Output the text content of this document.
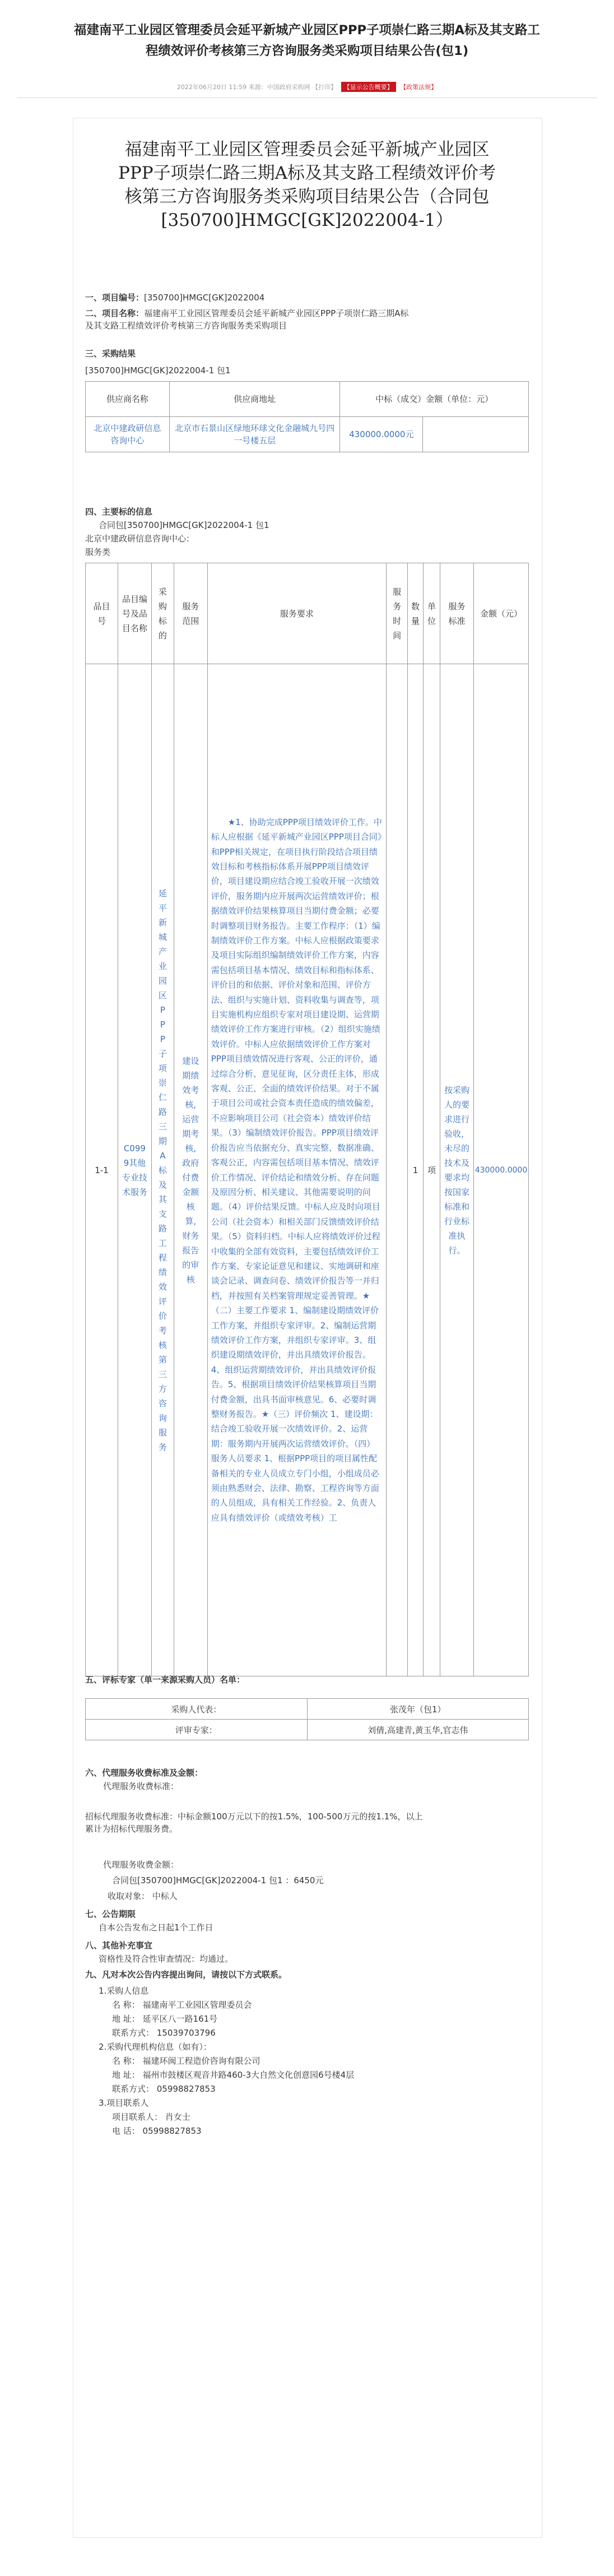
福建南平工业园区管理委员会延平新城产业园区PPP子项崇仁路三期A标及其支路工
程绩效评价考核第三方咨询服务类采购项目结果公告(包1)
2022年06月20日 11:59 来源：中国政府采购网 【打印】 【显示公告概要】 【政策法规】
福建南平工业园区管理委员会延平新城产业园区
PPP子项崇仁路三期A标及其支路工程绩效评价考
核第三方咨询服务类采购项目结果公告（合同包
[350700]HMGC[GK]2022004-1）
一、项目编号：[350700]HMGC[GK]2022004
二、项目名称：福建南平工业园区管理委员会延平新城产业园区PPP子项崇仁路三期A标
及其支路工程绩效评价考核第三方咨询服务类采购项目
三、采购结果
[350700]HMGC[GK]2022004-1 包1
供应商名称	供应商地址	中标（成交）金额（单位：元）	
北京中建政研信息咨询中心	北京市石景山区绿地环球文化金融城九号四一号楼五层	430000.0000元	
四、主要标的信息
合同包[350700]HMGC[GK]2022004-1 包1
北京中建政研信息咨询中心：
服务类
品目号	品目编号及品目名称	采购标的	服务范围	服务要求	服务时间	数量	单位	服务标准	金额（元）

1-1	C0999其他专业技术服务	延平新城产业园区PPP子项崇仁路三期A标及其支路工程绩效评价考核第三方咨询服务	建设期绩效考核,运营期考核,政府付费金额核算,财务报告的审核	★1、协助完成PPP项目绩效评价工作。中标人应根据《延平新城产业园区PPP项目合同》和PPP相关规定，在项目执行阶段结合项目绩效目标和考核指标体系开展PPP项目绩效评价，项目建设期应结合竣工验收开展一次绩效评价，服务期内应开展两次运营绩效评价；根据绩效评价结果核算项目当期付费金额；必要时调整项目财务报告。主要工作程序：（1）编制绩效评价工作方案。中标人应根据政策要求及项目实际组织编制绩效评价工作方案，内容需包括项目基本情况、绩效目标和指标体系、评价目的和依据、评价对象和范围、评价方法、组织与实施计划、资料收集与调查等，项目实施机构应组织专家对项目建设期、运营期绩效评价工作方案进行审核。（2）组织实施绩效评价。中标人应依据绩效评价工作方案对PPP项目绩效情况进行客观、公正的评价，通过综合分析、意见征询，区分责任主体，形成客观、公正、全面的绩效评价结果。对于不属于项目公司或社会资本责任造成的绩效偏差，不应影响项目公司（社会资本）绩效评价结果。（3）编制绩效评价报告。PPP项目绩效评价报告应当依据充分、真实完整、数据准确、客观公正，内容需包括项目基本情况、绩效评价工作情况、评价结论和绩效分析、存在问题及原因分析、相关建议、其他需要说明的问题。（4）评价结果反馈。中标人应及时向项目公司（社会资本）和相关部门反馈绩效评价结果。（5）资料归档。中标人应将绩效评价过程中收集的全部有效资料，主要包括绩效评价工作方案、专家论证意见和建议、实地调研和座谈会记录、调查问卷、绩效评价报告等一并归档，并按照有关档案管理规定妥善管理。★（二）主要工作要求 1、编制建设期绩效评价工作方案，并组织专家评审。2、编制运营期绩效评价工作方案，并组织专家评审。3、组织建设期绩效评价，并出具绩效评价报告。4、组织运营期绩效评价，并出具绩效评价报告。5、根据项目绩效评价结果核算项目当期付费金额，出具书面审核意见。6、必要时调整财务报告。★（三）评价频次 1、建设期：结合竣工验收开展一次绩效评价。2、运营期：服务期内开展两次运营绩效评价。（四）服务人员要求 1、根据PPP项目的项目属性配备相关的专业人员成立专门小组，小组成员必须由熟悉财会、法律、勘察、工程咨询等方面的人员组成，具有相关工作经验。2、负责人应具有绩效评价（或绩效考核）工		1	项	按采购人的要求进行验收，未尽的技术及要求均按国家标准和行业标准执行。	430000.0000
五、评标专家（单一来源采购人员）名单：
采购人代表：	张茂年（包1）
评审专家：	刘倩,高建青,黄玉华,官志伟
六、代理服务收费标准及金额：
代理服务收费标准：
招标代理服务收费标准：中标金额100万元以下的按1.5%，100-500万元的按1.1%，以上
累计为招标代理服务费。
代理服务收费金额：
合同包[350700]HMGC[GK]2022004-1 包1 ：6450元
收取对象： 中标人
七、公告期限
自本公告发布之日起1个工作日
八、其他补充事宜
资格性及符合性审查情况：均通过。
九、凡对本次公告内容提出询问，请按以下方式联系。
1.采购人信息
名 称： 福建南平工业园区管理委员会
地 址： 延平区八一路161号
联系方式： 15039703796
2.采购代理机构信息（如有）：
名 称： 福建环闽工程造价咨询有限公司
地 址： 福州市鼓楼区观音井路460-3大自然文化创意园6号楼4层
联系方式： 05998827853
3.项目联系人
项目联系人： 肖女士
电 话： 05998827853
